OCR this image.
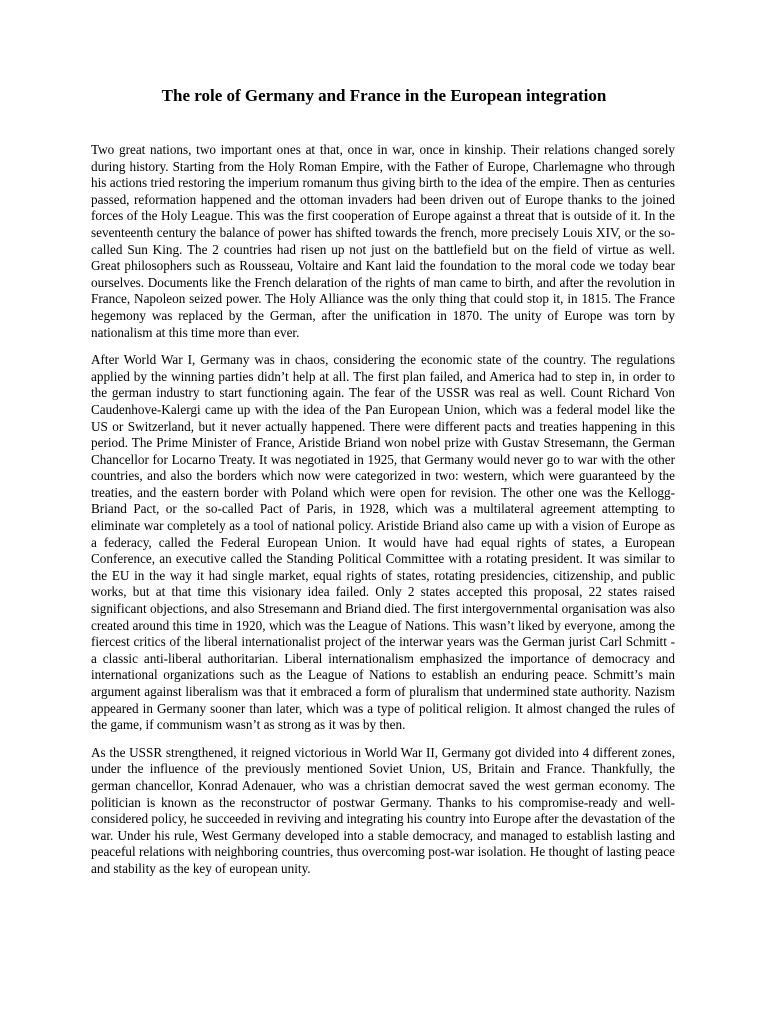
The role of Germany and France in the European integration

Two great nations, two important ones at that, once in war, once in kinship. Their relations changed sorely during history. Starting from the Holy Roman Empire, with the Father of Europe, Charlemagne who through his actions tried restoring the imperium romanum thus giving birth to the idea of the empire. Then as centuries passed, reformation happened and the ottoman invaders had been driven out of Europe thanks to the joined forces of the Holy League. This was the first cooperation of Europe against a threat that is outside of it. In the seventeenth century the balance of power has shifted towards the french, more precisely Louis XIV, or the so-called Sun King. The 2 countries had risen up not just on the battlefield but on the field of virtue as well. Great philosophers such as Rousseau, Voltaire and Kant laid the foundation to the moral code we today bear ourselves. Documents like the French delaration of the rights of man came to birth, and after the revolution in France, Napoleon seized power. The Holy Alliance was the only thing that could stop it, in 1815. The France hegemony was replaced by the German, after the unification in 1870. The unity of Europe was torn by nationalism at this time more than ever.

After World War I, Germany was in chaos, considering the economic state of the country. The regulations applied by the winning parties didn’t help at all. The first plan failed, and America had to step in, in order to the german industry to start functioning again. The fear of the USSR was real as well. Count Richard Von Caudenhove-Kalergi came up with the idea of the Pan European Union, which was a federal model like the US or Switzerland, but it never actually happened. There were different pacts and treaties happening in this period. The Prime Minister of France, Aristide Briand won nobel prize with Gustav Stresemann, the German Chancellor for Locarno Treaty. It was negotiated in 1925, that Germany would never go to war with the other countries, and also the borders which now were categorized in two: western, which were guaranteed by the treaties, and the eastern border with Poland which were open for revision. The other one was the Kellogg-Briand Pact, or the so-called Pact of Paris, in 1928, which was a multilateral agreement attempting to eliminate war completely as a tool of national policy. Aristide Briand also came up with a vision of Europe as a federacy, called the Federal European Union. It would have had equal rights of states, a European Conference, an executive called the Standing Political Committee with a rotating president. It was similar to the EU in the way it had single market, equal rights of states, rotating presidencies, citizenship, and public works, but at that time this visionary idea failed. Only 2 states accepted this proposal, 22 states raised significant objections, and also Stresemann and Briand died. The first intergovernmental organisation was also created around this time in 1920, which was the League of Nations. This wasn’t liked by everyone, among the fiercest critics of the liberal internationalist project of the interwar years was the German jurist Carl Schmitt - a classic anti-liberal authoritarian. Liberal internationalism emphasized the importance of democracy and international organizations such as the League of Nations to establish an enduring peace. Schmitt’s main argument against liberalism was that it embraced a form of pluralism that undermined state authority. Nazism appeared in Germany sooner than later, which was a type of political religion. It almost changed the rules of the game, if communism wasn’t as strong as it was by then.

As the USSR strengthened, it reigned victorious in World War II, Germany got divided into 4 different zones, under the influence of the previously mentioned Soviet Union, US, Britain and France. Thankfully, the german chancellor, Konrad Adenauer, who was a christian democrat saved the west german economy. The politician is known as the reconstructor of postwar Germany. Thanks to his compromise-ready and well-considered policy, he succeeded in reviving and integrating his country into Europe after the devastation of the war. Under his rule, West Germany developed into a stable democracy, and managed to establish lasting and peaceful relations with neighboring countries, thus overcoming post-war isolation. He thought of lasting peace and stability as the key of european unity.
